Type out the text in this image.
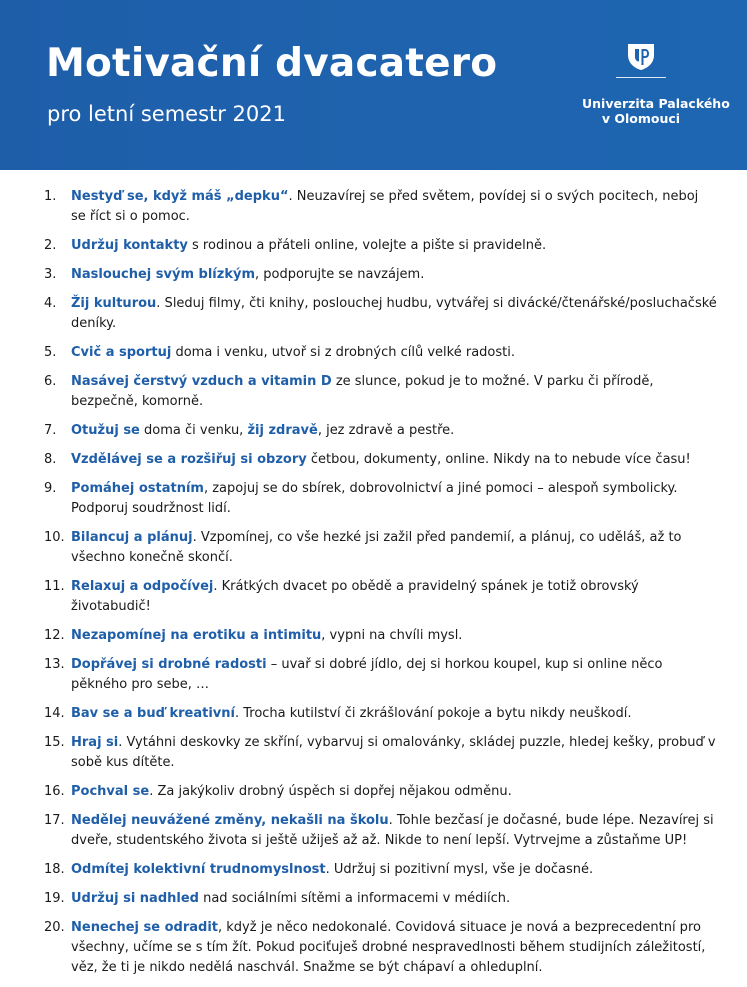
Motivační dvacatero

pro letní semestr 2021	Univerzita Palackého
v Olomouci
1.	Nestyď se, když máš „depku“. Neuzavírej se před světem, povídej si o svých pocitech, neboj se říct si o pomoc.
2.	Udržuj kontakty s rodinou a přáteli online, volejte a pište si pravidelně.
3.	Naslouchej svým blízkým, podporujte se navzájem.
4.	Žij kulturou. Sleduj filmy, čti knihy, poslouchej hudbu, vytvářej si divácké/čtenářské/posluchačské deníky.
5.	Cvič a sportuj doma i venku, utvoř si z drobných cílů velké radosti.
6.	Nasávej čerstvý vzduch a vitamin D ze slunce, pokud je to možné. V parku či přírodě, bezpečně, komorně.
7.	Otužuj se doma či venku, žij zdravě, jez zdravě a pestře.
8.	Vzdělávej se a rozšiřuj si obzory četbou, dokumenty, online. Nikdy na to nebude více času!
9.	Pomáhej ostatním, zapojuj se do sbírek, dobrovolnictví a jiné pomoci – alespoň symbolicky. Podporuj soudržnost lidí.
10. Bilancuj a plánuj. Vzpomínej, co vše hezké jsi zažil před pandemií, a plánuj, co uděláš, až to všechno konečně skončí.
11. Relaxuj a odpočívej. Krátkých dvacet po obědě a pravidelný spánek je totiž obrovský životabudič!
12. Nezapomínej na erotiku a intimitu, vypni na chvíli mysl.
13. Dopřávej si drobné radosti – uvař si dobré jídlo, dej si horkou koupel, kup si online něco pěkného pro sebe, …
14. Bav se a buď kreativní. Trocha kutilství či zkrášlování pokoje a bytu nikdy neuškodí.
15. Hraj si. Vytáhni deskovky ze skříní, vybarvuj si omalovánky, skládej puzzle, hledej kešky, probuď v sobě kus dítěte.
16. Pochval se. Za jakýkoliv drobný úspěch si dopřej nějakou odměnu.
17. Nedělej neuvážené změny, nekašli na školu. Tohle bezčasí je dočasné, bude lépe. Nezavírej si dveře, studentského života si ještě užiješ až až. Nikde to není lepší. Vytrvejme a zůstaňme UP!
18. Odmítej kolektivní trudnomyslnost. Udržuj si pozitivní mysl, vše je dočasné.
19. Udržuj si nadhled nad sociálními sítěmi a informacemi v médiích.
20. Nenechej se odradit, když je něco nedokonalé. Covidová situace je nová a bezprecedentní pro všechny, učíme se s tím žít. Pokud pociťuješ drobné nespravedlnosti během studijních záležitostí, věz, že ti je nikdo nedělá naschvál. Snažme se být chápaví a ohleduplní.
